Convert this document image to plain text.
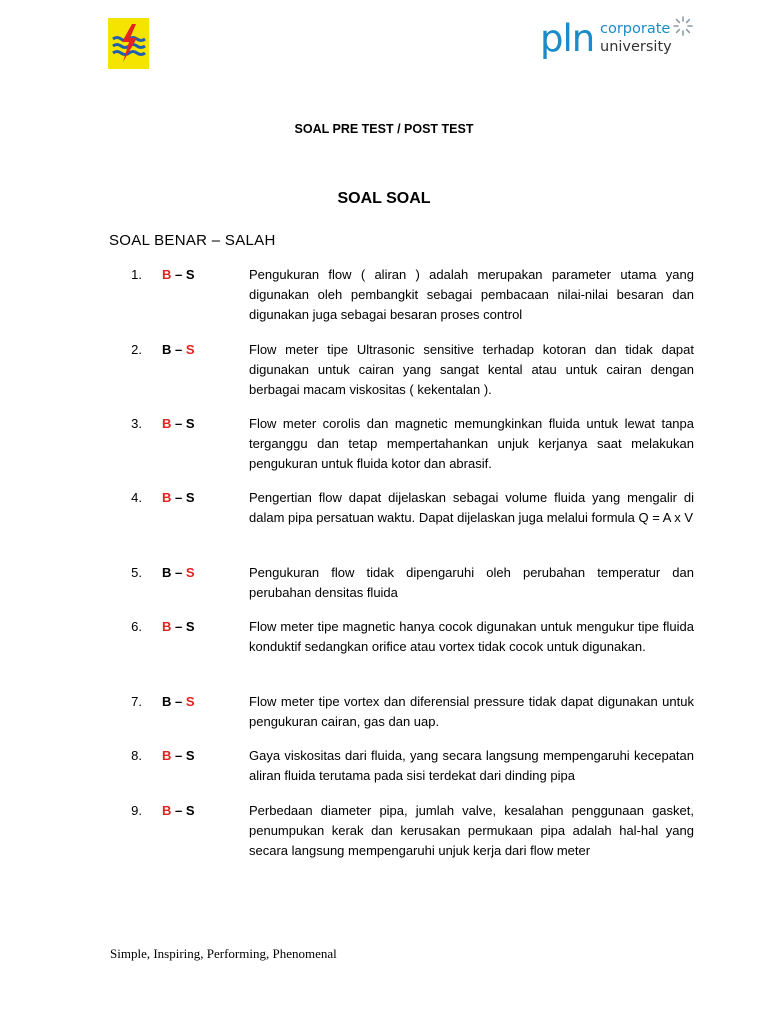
pln corporate
university
SOAL PRE TEST / POST TEST
SOAL SOAL
SOAL BENAR – SALAH
1. B – S	Pengukuran flow ( aliran ) adalah merupakan parameter utama yang digunakan oleh pembangkit sebagai pembacaan nilai-nilai besaran dan digunakan juga sebagai besaran proses control
2. B – S	Flow meter tipe Ultrasonic sensitive terhadap kotoran dan tidak dapat digunakan untuk cairan yang sangat kental atau untuk cairan dengan berbagai macam viskositas ( kekentalan ).
3. B – S	Flow meter corolis dan magnetic memungkinkan fluida untuk lewat tanpa terganggu dan tetap mempertahankan unjuk kerjanya saat melakukan pengukuran untuk fluida kotor dan abrasif.
4. B – S	Pengertian flow dapat dijelaskan sebagai volume fluida yang mengalir di dalam pipa persatuan waktu. Dapat dijelaskan juga melalui formula Q = A x V
5. B – S	Pengukuran flow tidak dipengaruhi oleh perubahan temperatur dan perubahan densitas fluida
6. B – S	Flow meter tipe magnetic hanya cocok digunakan untuk mengukur tipe fluida konduktif sedangkan orifice atau vortex tidak cocok untuk digunakan.
7. B – S	Flow meter tipe vortex dan diferensial pressure tidak dapat digunakan untuk pengukuran cairan, gas dan uap.
8. B – S	Gaya viskositas dari fluida, yang secara langsung mempengaruhi kecepatan aliran fluida terutama pada sisi terdekat dari dinding pipa
9. B – S	Perbedaan diameter pipa, jumlah valve, kesalahan penggunaan gasket, penumpukan kerak dan kerusakan permukaan pipa adalah hal-hal yang secara langsung mempengaruhi unjuk kerja dari flow meter
Simple, Inspiring, Performing, Phenomenal
